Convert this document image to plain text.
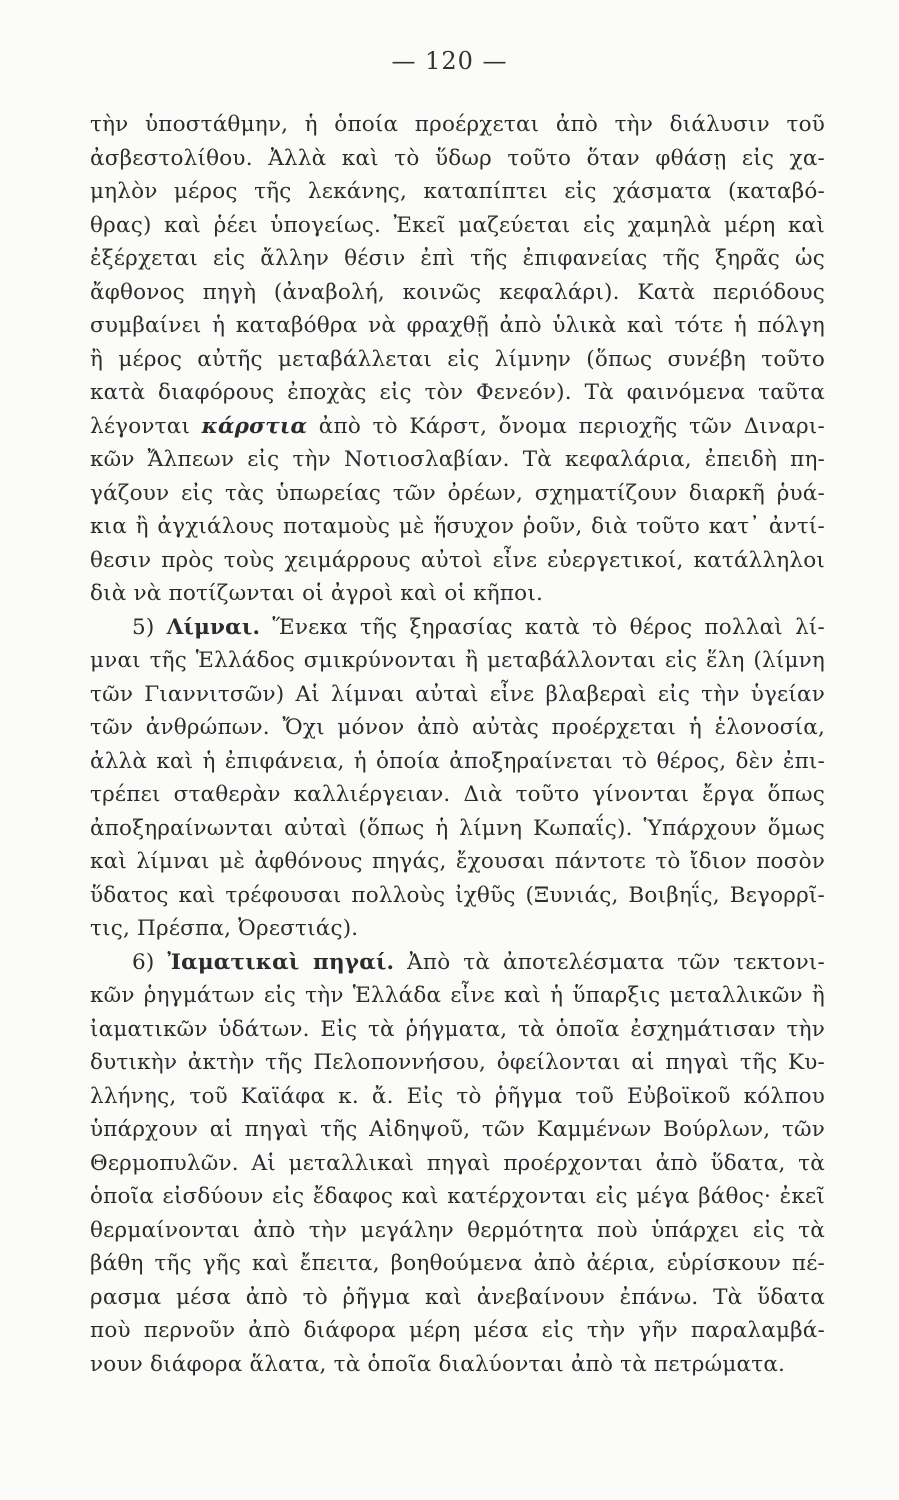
— 120 —
τὴν ὑποστάθμην, ἡ ὁποία προέρχεται ἀπὸ τὴν διάλυσιν τοῦ
ἀσβεστολίθου. Ἀλλὰ καὶ τὸ ὕδωρ τοῦτο ὅταν φθάσῃ εἰς χα-
μηλὸν μέρος τῆς λεκάνης, καταπίπτει εἰς χάσματα (καταβό-
θρας) καὶ ῥέει ὑπογείως. Ἐκεῖ μαζεύεται εἰς χαμηλὰ μέρη καὶ
ἐξέρχεται εἰς ἄλλην θέσιν ἐπὶ τῆς ἐπιφανείας τῆς ξηρᾶς ὡς
ἄφθονος πηγὴ (ἀναβολή, κοινῶς κεφαλάρι). Κατὰ περιόδους
συμβαίνει ἡ καταβόθρα νὰ φραχθῇ ἀπὸ ὑλικὰ καὶ τότε ἡ πόλγη
ἢ μέρος αὐτῆς μεταβάλλεται εἰς λίμνην (ὅπως συνέβη τοῦτο
κατὰ διαφόρους ἐποχὰς εἰς τὸν Φενεόν). Τὰ φαινόμενα ταῦτα
λέγονται κάρστια ἀπὸ τὸ Κάρστ, ὄνομα περιοχῆς τῶν Διναρι-
κῶν Ἄλπεων εἰς τὴν Νοτιοσλαβίαν. Τὰ κεφαλάρια, ἐπειδὴ πη-
γάζουν εἰς τὰς ὑπωρείας τῶν ὀρέων, σχηματίζουν διαρκῆ ῥυά-
κια ἢ ἀγχιάλους ποταμοὺς μὲ ἥσυχον ῥοῦν, διὰ τοῦτο κατ᾽ ἀντί-
θεσιν πρὸς τοὺς χειμάρρους αὐτοὶ εἶνε εὐεργετικοί, κατάλληλοι
διὰ νὰ ποτίζωνται οἱ ἀγροὶ καὶ οἱ κῆποι.
5) Λίμναι. Ἕνεκα τῆς ξηρασίας κατὰ τὸ θέρος πολλαὶ λί-
μναι τῆς Ἑλλάδος σμικρύνονται ἢ μεταβάλλονται εἰς ἕλη (λίμνη
τῶν Γιαννιτσῶν) Αἱ λίμναι αὐταὶ εἶνε βλαβεραὶ εἰς τὴν ὑγείαν
τῶν ἀνθρώπων. Ὄχι μόνον ἀπὸ αὐτὰς προέρχεται ἡ ἑλονοσία,
ἀλλὰ καὶ ἡ ἐπιφάνεια, ἡ ὁποία ἀποξηραίνεται τὸ θέρος, δὲν ἐπι-
τρέπει σταθερὰν καλλιέργειαν. Διὰ τοῦτο γίνονται ἔργα ὅπως
ἀποξηραίνωνται αὐταὶ (ὅπως ἡ λίμνη Κωπαΐς). Ὑπάρχουν ὅμως
καὶ λίμναι μὲ ἀφθόνους πηγάς, ἔχουσαι πάντοτε τὸ ἴδιον ποσὸν
ὕδατος καὶ τρέφουσαι πολλοὺς ἰχθῦς (Ξυνιάς, Βοιβηΐς, Βεγορρῖ-
τις, Πρέσπα, Ὀρεστιάς).
6) Ἰαματικαὶ πηγαί. Ἀπὸ τὰ ἀποτελέσματα τῶν τεκτονι-
κῶν ῥηγμάτων εἰς τὴν Ἑλλάδα εἶνε καὶ ἡ ὕπαρξις μεταλλικῶν ἢ
ἰαματικῶν ὑδάτων. Εἰς τὰ ῥήγματα, τὰ ὁποῖα ἐσχημάτισαν τὴν
δυτικὴν ἀκτὴν τῆς Πελοποννήσου, ὀφείλονται αἱ πηγαὶ τῆς Κυ-
λλήνης, τοῦ Καϊάφα κ. ἄ. Εἰς τὸ ῥῆγμα τοῦ Εὐβοϊκοῦ κόλπου
ὑπάρχουν αἱ πηγαὶ τῆς Αἰδηψοῦ, τῶν Καμμένων Βούρλων, τῶν
Θερμοπυλῶν. Αἱ μεταλλικαὶ πηγαὶ προέρχονται ἀπὸ ὕδατα, τὰ
ὁποῖα εἰσδύουν εἰς ἔδαφος καὶ κατέρχονται εἰς μέγα βάθος· ἐκεῖ
θερμαίνονται ἀπὸ τὴν μεγάλην θερμότητα ποὺ ὑπάρχει εἰς τὰ
βάθη τῆς γῆς καὶ ἔπειτα, βοηθούμενα ἀπὸ ἀέρια, εὑρίσκουν πέ-
ρασμα μέσα ἀπὸ τὸ ῥῆγμα καὶ ἀνεβαίνουν ἐπάνω. Τὰ ὕδατα
ποὺ περνοῦν ἀπὸ διάφορα μέρη μέσα εἰς τὴν γῆν παραλαμβά-
νουν διάφορα ἅλατα, τὰ ὁποῖα διαλύονται ἀπὸ τὰ πετρώματα.
